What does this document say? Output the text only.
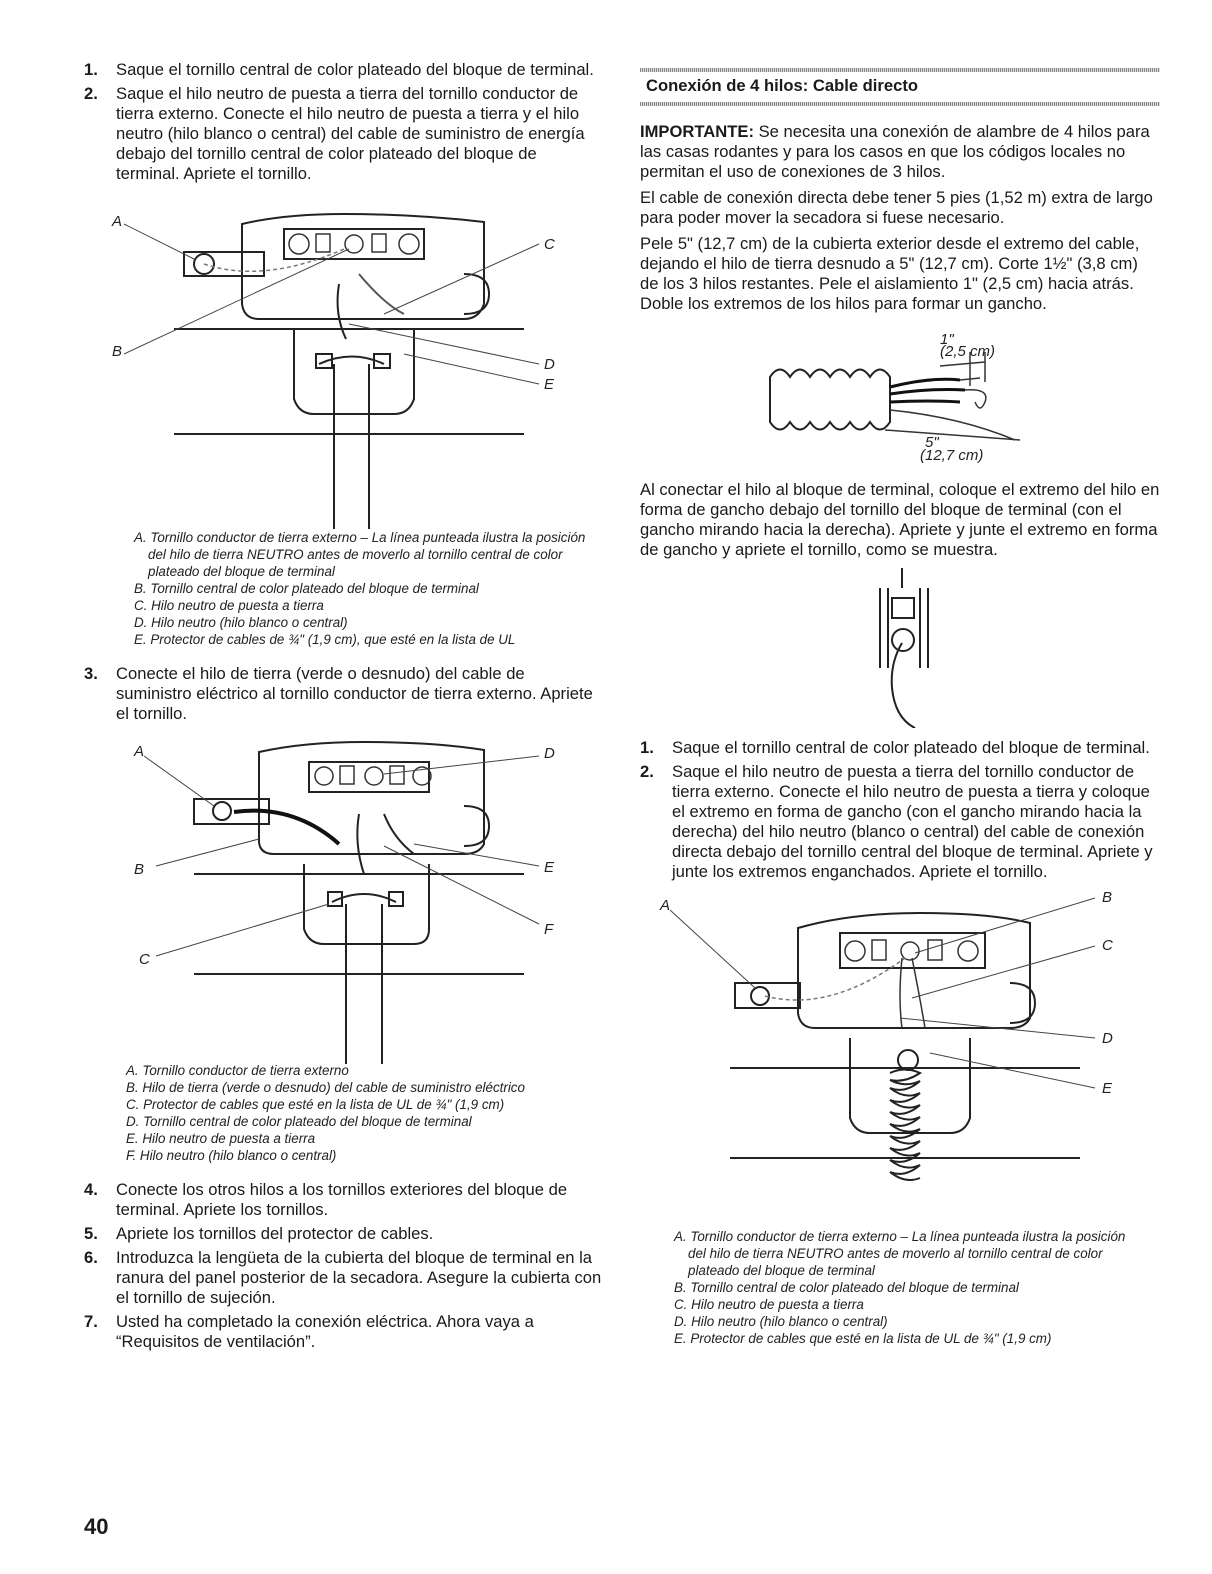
1. Saque el tornillo central de color plateado del bloque de terminal.
2. Saque el hilo neutro de puesta a tierra del tornillo conductor de tierra externo. Conecte el hilo neutro de puesta a tierra y el hilo neutro (hilo blanco o central) del cable de suministro de energía debajo del tornillo central de color plateado del bloque de terminal. Apriete el tornillo.
A
B
C
D
E
A. Tornillo conductor de tierra externo – La línea punteada ilustra la posición del hilo de tierra NEUTRO antes de moverlo al tornillo central de color plateado del bloque de terminal
B. Tornillo central de color plateado del bloque de terminal
C. Hilo neutro de puesta a tierra
D. Hilo neutro (hilo blanco o central)
E. Protector de cables de ¾" (1,9 cm), que esté en la lista de UL
3. Conecte el hilo de tierra (verde o desnudo) del cable de suministro eléctrico al tornillo conductor de tierra externo. Apriete el tornillo.
A
B
C
D
E
F
A. Tornillo conductor de tierra externo
B. Hilo de tierra (verde o desnudo) del cable de suministro eléctrico
C. Protector de cables que esté en la lista de UL de ¾" (1,9 cm)
D. Tornillo central de color plateado del bloque de terminal
E. Hilo neutro de puesta a tierra
F. Hilo neutro (hilo blanco o central)
4. Conecte los otros hilos a los tornillos exteriores del bloque de terminal. Apriete los tornillos.
5. Apriete los tornillos del protector de cables.
6. Introduzca la lengüeta de la cubierta del bloque de terminal en la ranura del panel posterior de la secadora. Asegure la cubierta con el tornillo de sujeción.
7. Usted ha completado la conexión eléctrica. Ahora vaya a “Requisitos de ventilación”.
Conexión de 4 hilos: Cable directo

IMPORTANTE: Se necesita una conexión de alambre de 4 hilos para las casas rodantes y para los casos en que los códigos locales no permitan el uso de conexiones de 3 hilos.

El cable de conexión directa debe tener 5 pies (1,52 m) extra de largo para poder mover la secadora si fuese necesario.

Pele 5" (12,7 cm) de la cubierta exterior desde el extremo del cable, dejando el hilo de tierra desnudo a 5" (12,7 cm). Corte 1½" (3,8 cm) de los 3 hilos restantes. Pele el aislamiento 1" (2,5 cm) hacia atrás. Doble los extremos de los hilos para formar un gancho.

1"
(2,5 cm)
5"
(12,7 cm)

Al conectar el hilo al bloque de terminal, coloque el extremo del hilo en forma de gancho debajo del tornillo del bloque de terminal (con el gancho mirando hacia la derecha). Apriete y junte el extremo en forma de gancho y apriete el tornillo, como se muestra.

1. Saque el tornillo central de color plateado del bloque de terminal.
2. Saque el hilo neutro de puesta a tierra del tornillo conductor de tierra externo. Conecte el hilo neutro de puesta a tierra y coloque el extremo en forma de gancho (con el gancho mirando hacia la derecha) del hilo neutro (blanco o central) del cable de conexión directa debajo del tornillo central del bloque de terminal. Apriete y junte los extremos enganchados. Apriete el tornillo.
A	B
C
D
E
A. Tornillo conductor de tierra externo – La línea punteada ilustra la posición del hilo de tierra NEUTRO antes de moverlo al tornillo central de color plateado del bloque de terminal
B. Tornillo central de color plateado del bloque de terminal
C. Hilo neutro de puesta a tierra
D. Hilo neutro (hilo blanco o central)
E. Protector de cables que esté en la lista de UL de ¾" (1,9 cm)
40
